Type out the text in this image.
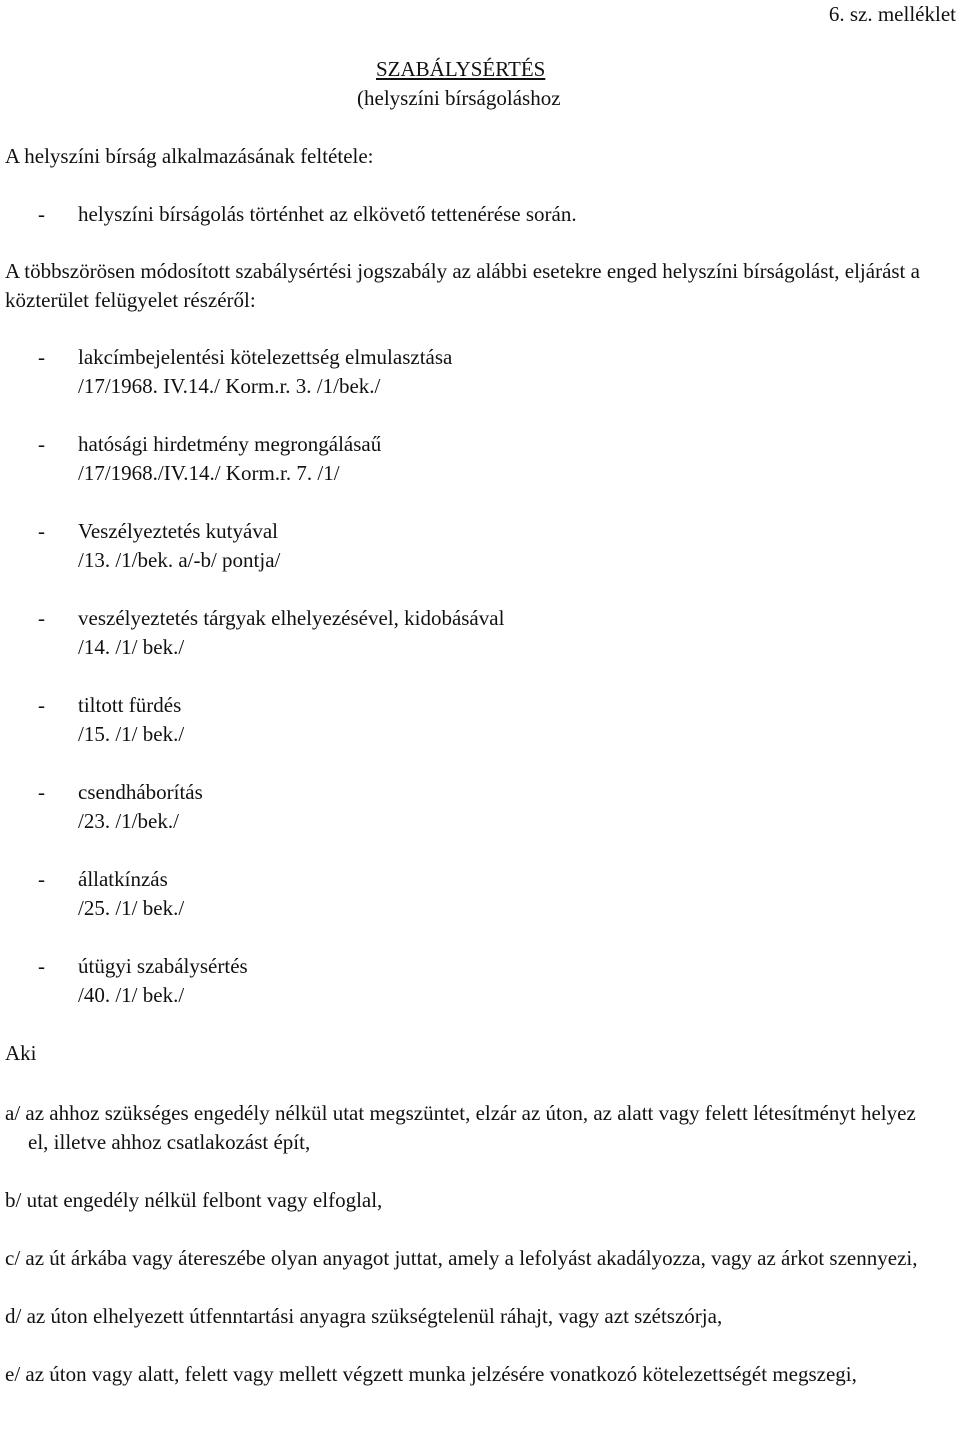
6. sz. melléklet
SZABÁLYSÉRTÉS
(helyszíni bírságoláshoz
A helyszíni bírság alkalmazásának feltétele:
-	helyszíni bírságolás történhet az elkövető tettenérése során.
A többszörösen módosított szabálysértési jogszabály az alábbi esetekre enged helyszíni bírságolást, eljárást a közterület felügyelet részéről:
- lakcímbejelentési kötelezettség elmulasztása
/17/1968. IV.14./ Korm.r. 3. /1/bek./
- hatósági hirdetmény megrongálásaű
/17/1968./IV.14./ Korm.r. 7. /1/
- Veszélyeztetés kutyával
/13. /1/bek. a/-b/ pontja/
- veszélyeztetés tárgyak elhelyezésével, kidobásával
/14. /1/ bek./
- tiltott fürdés
/15. /1/ bek./
- csendháborítás
/23. /1/bek./
- állatkínzás
/25. /1/ bek./
- útügyi szabálysértés
/40. /1/ bek./
Aki

a/ az ahhoz szükséges engedély nélkül utat megszüntet, elzár az úton, az alatt vagy felett létesítményt helyez el, illetve ahhoz csatlakozást épít,

b/ utat engedély nélkül felbont vagy elfoglal,

c/ az út árkába vagy átereszébe olyan anyagot juttat, amely a lefolyást akadályozza, vagy az árkot szennyezi,

d/ az úton elhelyezett útfenntartási anyagra szükségtelenül ráhajt, vagy azt szétszórja,

e/ az úton vagy alatt, felett vagy mellett végzett munka jelzésére vonatkozó kötelezettségét megszegi,
